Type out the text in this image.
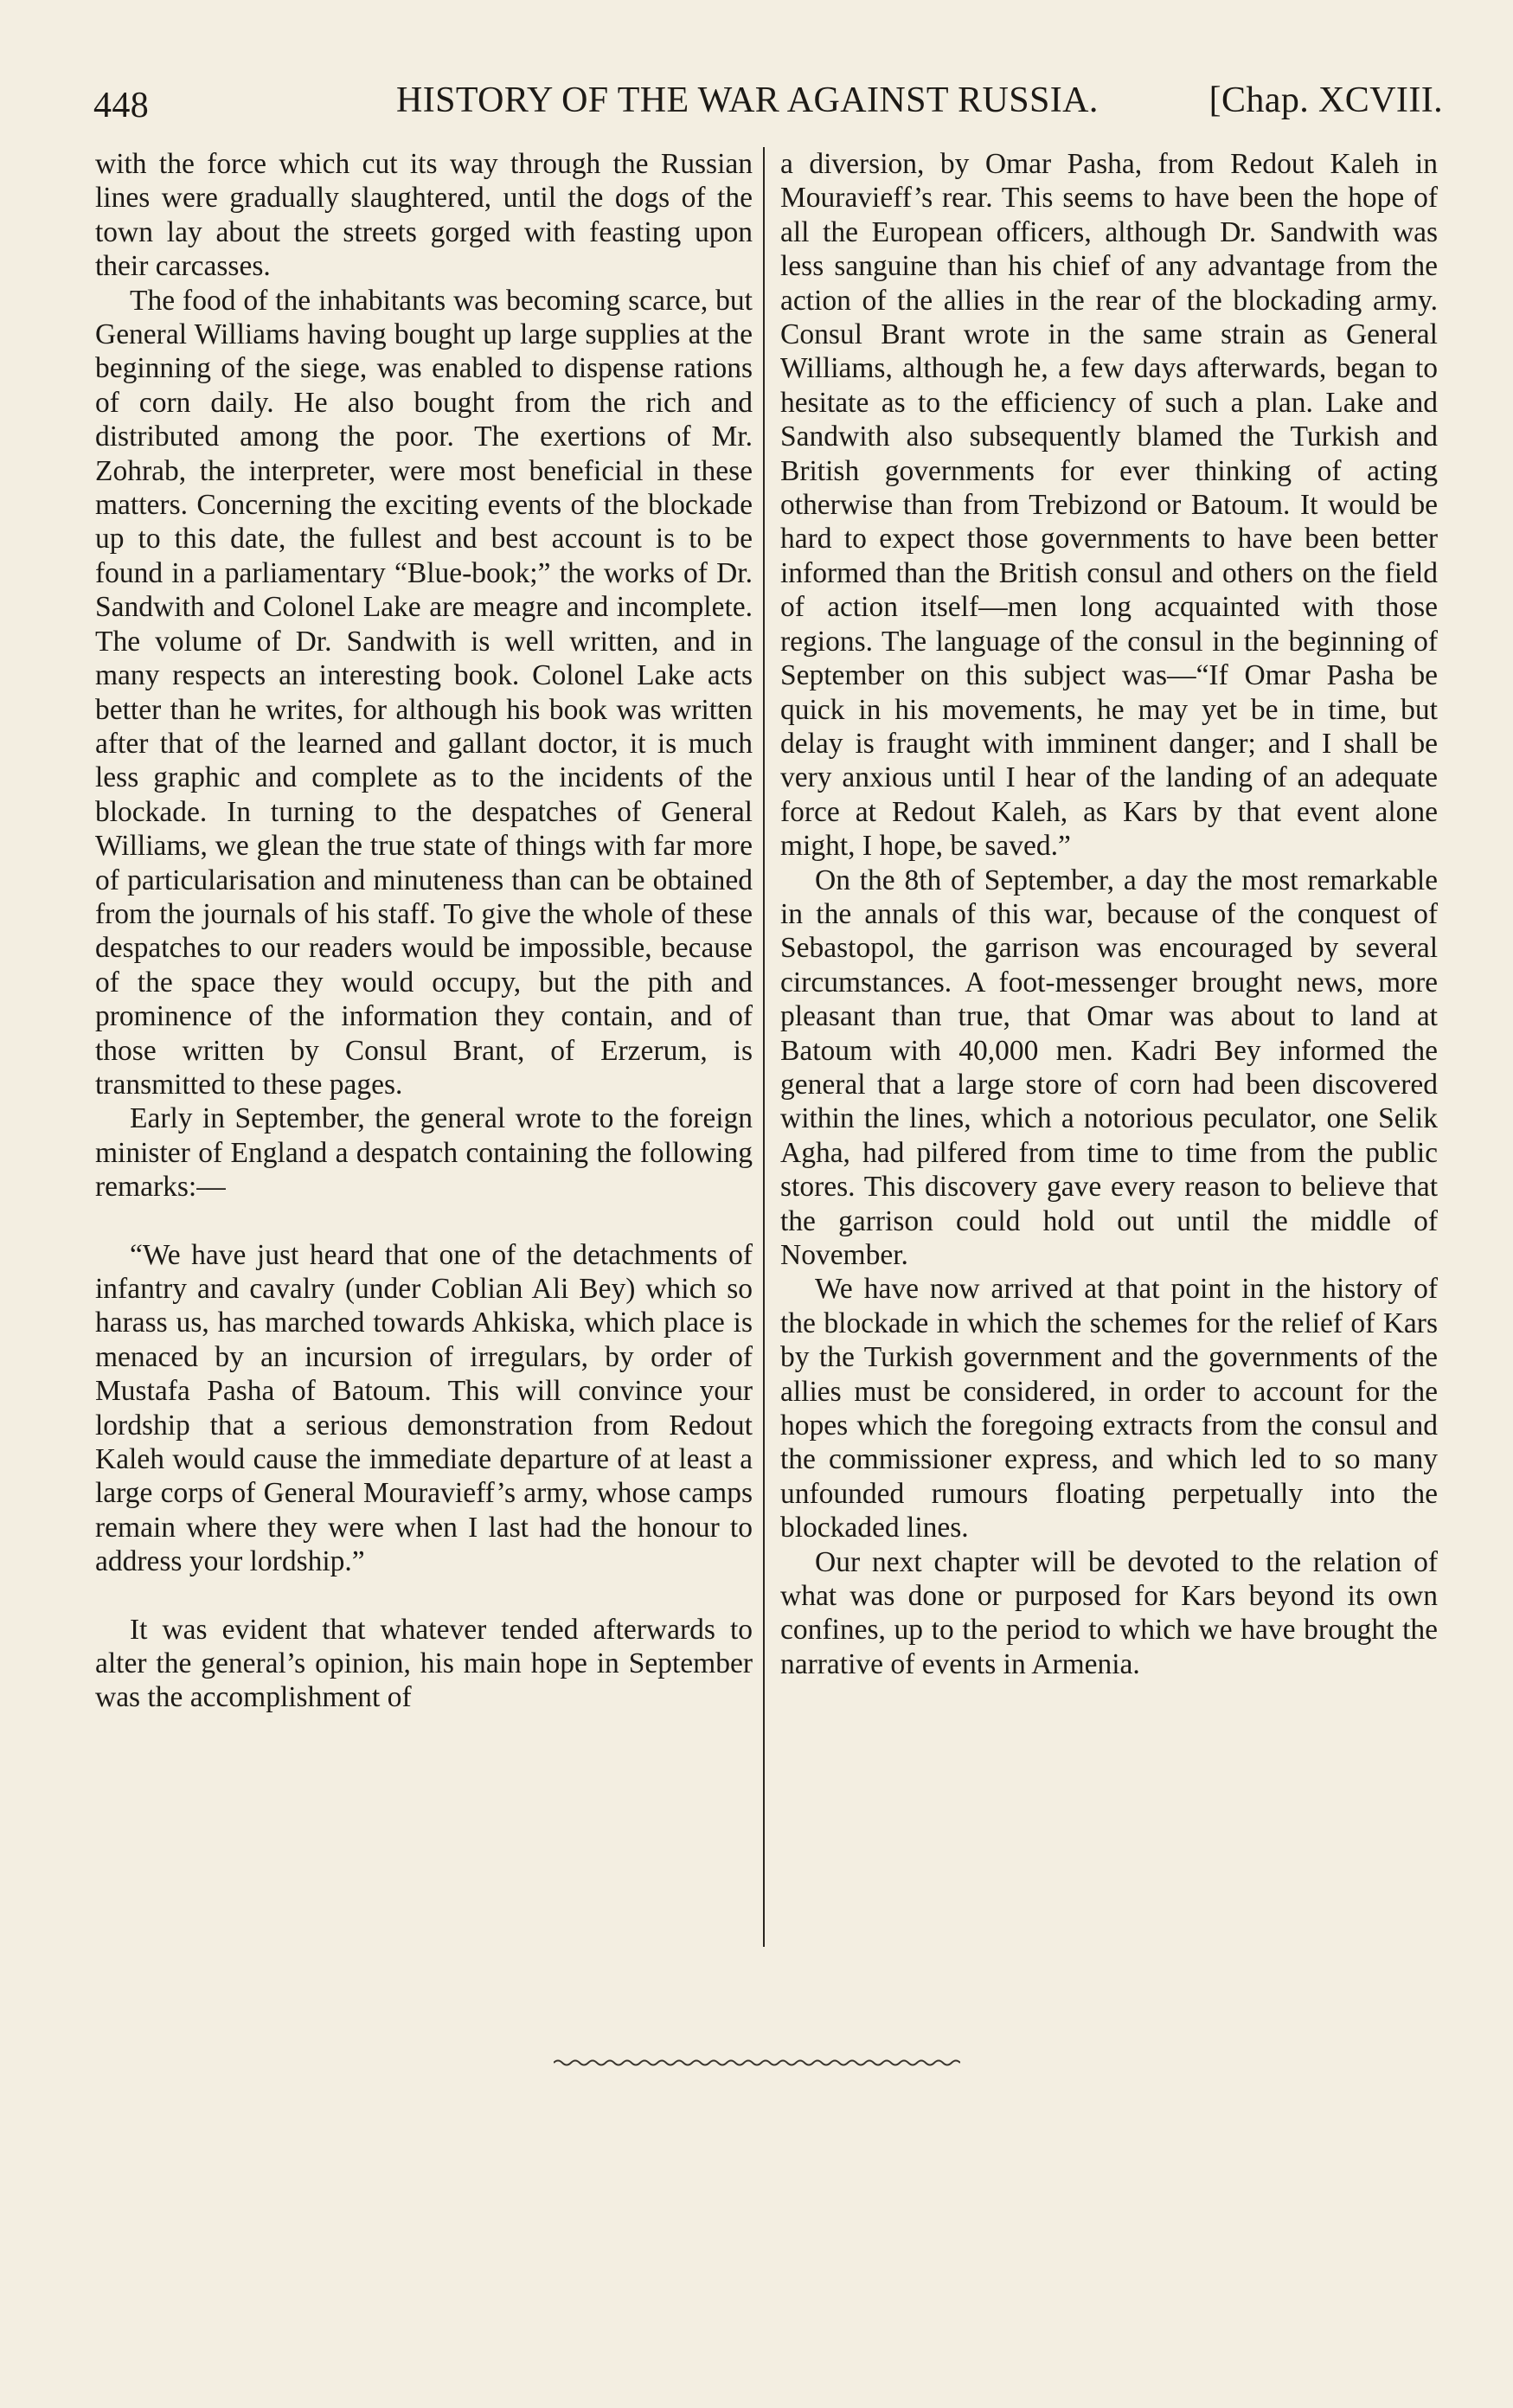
448	HISTORY OF THE WAR AGAINST RUSSIA.	[Chap. XCVIII.

with the force which cut its way through the Russian lines were gradually slaughtered, until the dogs of the town lay about the streets gorged with feasting upon their carcasses.

The food of the inhabitants was becoming scarce, but General Williams having bought up large supplies at the beginning of the siege, was enabled to dispense rations of corn daily. He also bought from the rich and distributed among the poor. The exertions of Mr. Zohrab, the interpreter, were most beneficial in these matters. Concerning the exciting events of the blockade up to this date, the fullest and best account is to be found in a parliamentary “Blue-book;” the works of Dr. Sandwith and Colonel Lake are meagre and incomplete. The volume of Dr. Sandwith is well written, and in many respects an interesting book. Colonel Lake acts better than he writes, for although his book was written after that of the learned and gallant doctor, it is much less graphic and complete as to the incidents of the blockade. In turning to the despatches of General Williams, we glean the true state of things with far more of particularisation and minuteness than can be obtained from the journals of his staff. To give the whole of these despatches to our readers would be impossible, because of the space they would occupy, but the pith and prominence of the information they contain, and of those written by Consul Brant, of Erzerum, is transmitted to these pages.

Early in September, the general wrote to the foreign minister of England a despatch containing the following remarks:—

“We have just heard that one of the detachments of infantry and cavalry (under Coblian Ali Bey) which so harass us, has marched towards Ahkiska, which place is menaced by an incursion of irregulars, by order of Mustafa Pasha of Batoum. This will convince your lordship that a serious demonstration from Redout Kaleh would cause the immediate departure of at least a large corps of General Mouravieff’s army, whose camps remain where they were when I last had the honour to address your lordship.”

It was evident that whatever tended afterwards to alter the general’s opinion, his main hope in September was the accomplishment of

a diversion, by Omar Pasha, from Redout Kaleh in Mouravieff’s rear. This seems to have been the hope of all the European officers, although Dr. Sandwith was less sanguine than his chief of any advantage from the action of the allies in the rear of the blockading army. Consul Brant wrote in the same strain as General Williams, although he, a few days afterwards, began to hesitate as to the efficiency of such a plan. Lake and Sandwith also subsequently blamed the Turkish and British governments for ever thinking of acting otherwise than from Trebizond or Batoum. It would be hard to expect those governments to have been better informed than the British consul and others on the field of action itself—men long acquainted with those regions. The language of the consul in the beginning of September on this subject was—“If Omar Pasha be quick in his movements, he may yet be in time, but delay is fraught with imminent danger; and I shall be very anxious until I hear of the landing of an adequate force at Redout Kaleh, as Kars by that event alone might, I hope, be saved.”

On the 8th of September, a day the most remarkable in the annals of this war, because of the conquest of Sebastopol, the garrison was encouraged by several circumstances. A foot-messenger brought news, more pleasant than true, that Omar was about to land at Batoum with 40,000 men. Kadri Bey informed the general that a large store of corn had been discovered within the lines, which a notorious peculator, one Selik Agha, had pilfered from time to time from the public stores. This discovery gave every reason to believe that the garrison could hold out until the middle of November.

We have now arrived at that point in the history of the blockade in which the schemes for the relief of Kars by the Turkish government and the governments of the allies must be considered, in order to account for the hopes which the foregoing extracts from the consul and the commissioner express, and which led to so many unfounded rumours floating perpetually into the blockaded lines.

Our next chapter will be devoted to the relation of what was done or purposed for Kars beyond its own confines, up to the period to which we have brought the narrative of events in Armenia.
